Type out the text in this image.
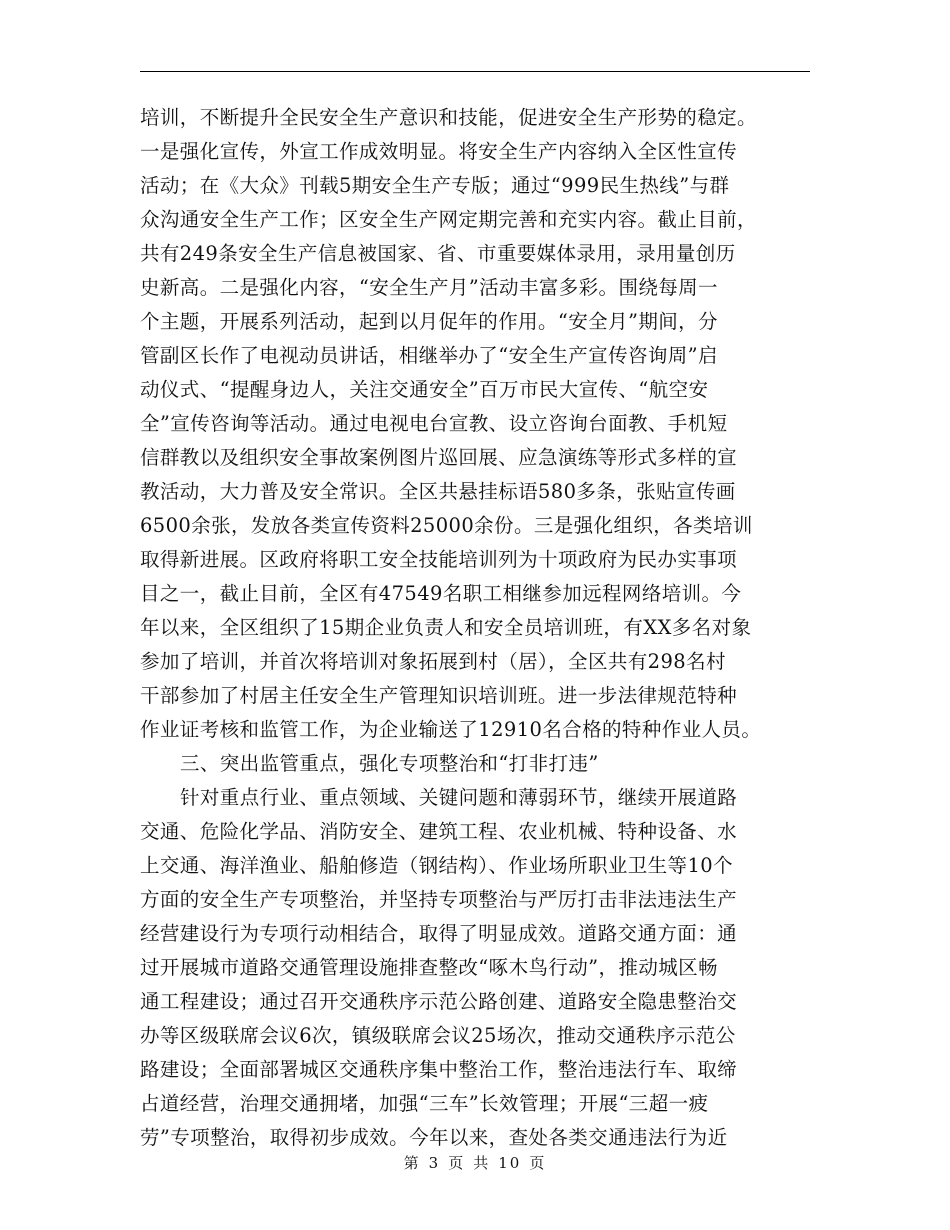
培训，不断提升全民安全生产意识和技能，促进安全生产形势的稳定。
一是强化宣传，外宣工作成效明显。将安全生产内容纳入全区性宣传
活动；在《大众》刊载5期安全生产专版；通过“999民生热线”与群
众沟通安全生产工作；区安全生产网定期完善和充实内容。截止目前，
共有249条安全生产信息被国家、省、市重要媒体录用，录用量创历
史新高。二是强化内容，“安全生产月”活动丰富多彩。围绕每周一
个主题，开展系列活动，起到以月促年的作用。“安全月”期间，分
管副区长作了电视动员讲话，相继举办了“安全生产宣传咨询周”启
动仪式、“提醒身边人，关注交通安全”百万市民大宣传、“航空安
全”宣传咨询等活动。通过电视电台宣教、设立咨询台面教、手机短
信群教以及组织安全事故案例图片巡回展、应急演练等形式多样的宣
教活动，大力普及安全常识。全区共悬挂标语580多条，张贴宣传画
6500余张，发放各类宣传资料25000余份。三是强化组织，各类培训
取得新进展。区政府将职工安全技能培训列为十项政府为民办实事项
目之一，截止目前，全区有47549名职工相继参加远程网络培训。今
年以来，全区组织了15期企业负责人和安全员培训班，有XX多名对象
参加了培训，并首次将培训对象拓展到村（居），全区共有298名村
干部参加了村居主任安全生产管理知识培训班。进一步法律规范特种
作业证考核和监管工作，为企业输送了12910名合格的特种作业人员。
三、突出监管重点，强化专项整治和“打非打违”
针对重点行业、重点领域、关键问题和薄弱环节，继续开展道路
交通、危险化学品、消防安全、建筑工程、农业机械、特种设备、水
上交通、海洋渔业、船舶修造（钢结构）、作业场所职业卫生等10个
方面的安全生产专项整治，并坚持专项整治与严厉打击非法违法生产
经营建设行为专项行动相结合，取得了明显成效。道路交通方面：通
过开展城市道路交通管理设施排查整改“啄木鸟行动”，推动城区畅
通工程建设；通过召开交通秩序示范公路创建、道路安全隐患整治交
办等区级联席会议6次，镇级联席会议25场次，推动交通秩序示范公
路建设；全面部署城区交通秩序集中整治工作，整治违法行车、取缔
占道经营，治理交通拥堵，加强“三车”长效管理；开展“三超一疲
劳”专项整治，取得初步成效。今年以来，查处各类交通违法行为近
第 3 页 共 10 页
